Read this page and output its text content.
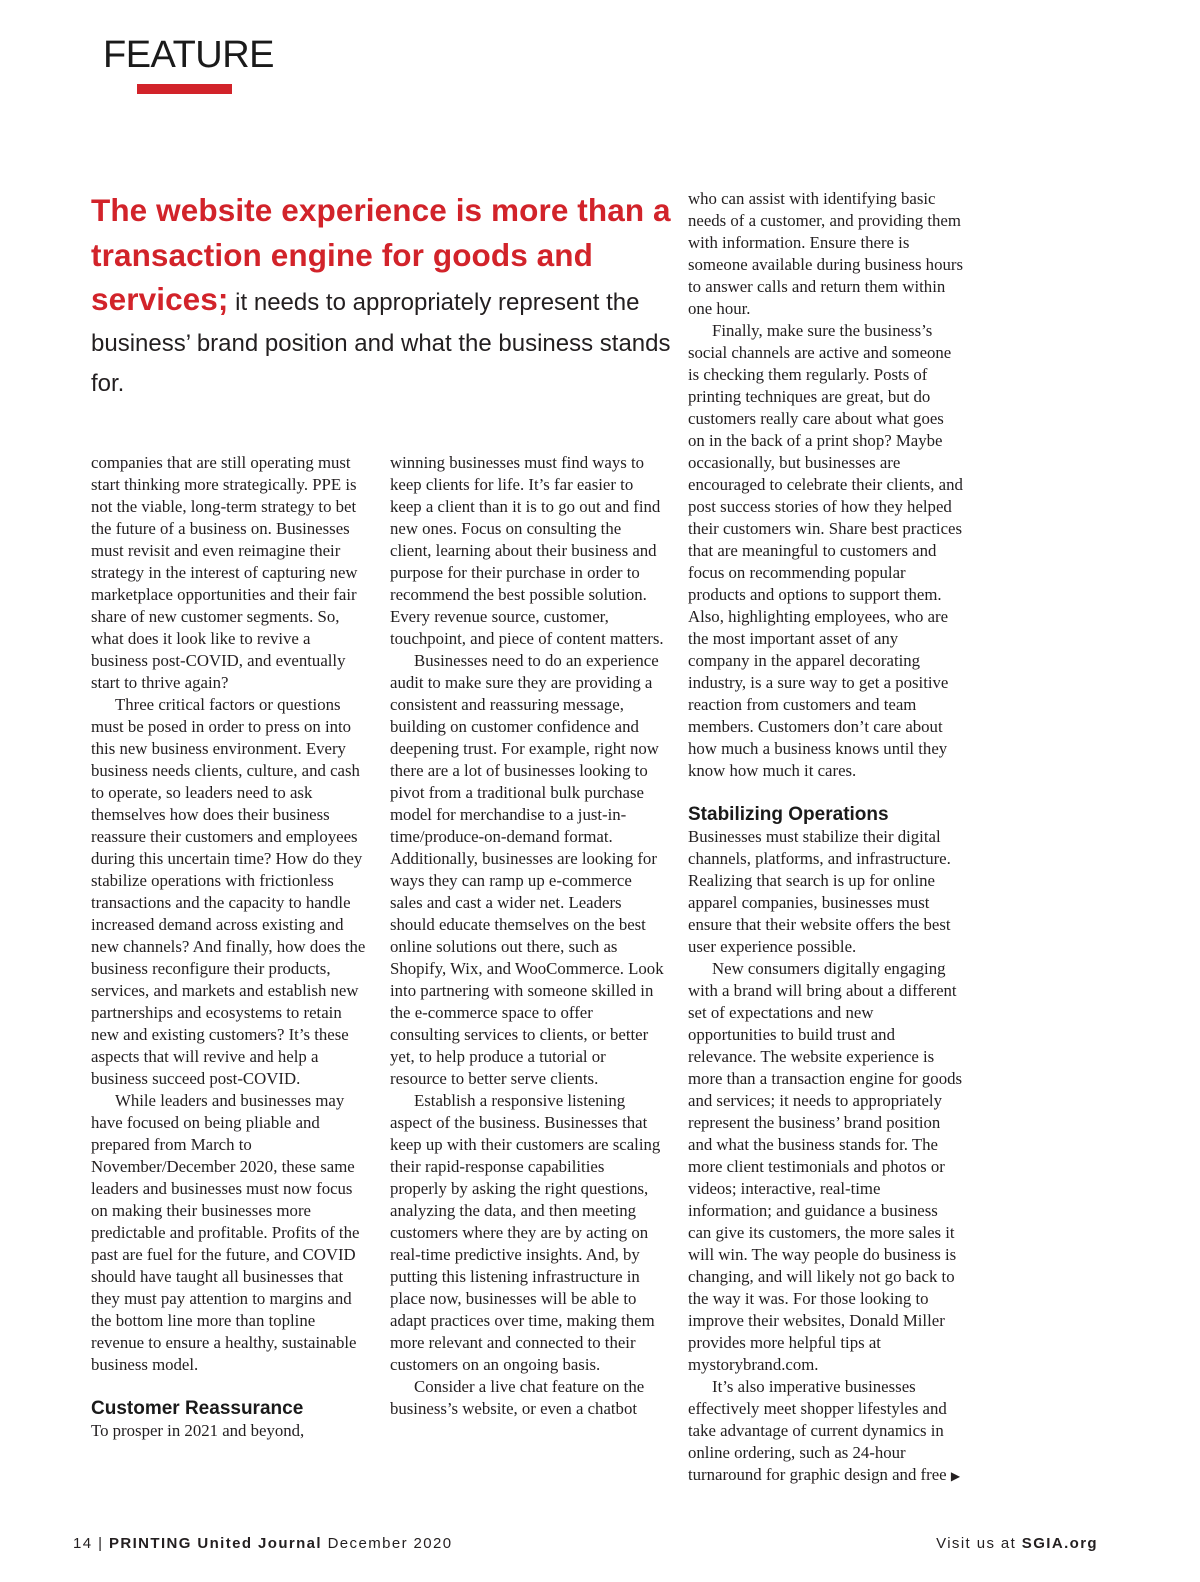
FEATURE
The website experience is more than a transaction engine for goods and services; it needs to appropriately represent the business’ brand position and what the business stands for.

companies that are still operating must start thinking more strategically. PPE is not the viable, long-term strategy to bet the future of a business on. Businesses must revisit and even reimagine their strategy in the interest of capturing new marketplace opportunities and their fair share of new customer segments. So, what does it look like to revive a business post-COVID, and eventually start to thrive again?

Three critical factors or questions must be posed in order to press on into this new business environment. Every business needs clients, culture, and cash to operate, so leaders need to ask themselves how does their business reassure their customers and employees during this uncertain time? How do they stabilize operations with frictionless transactions and the capacity to handle increased demand across existing and new channels? And finally, how does the business reconfigure their products, services, and markets and establish new partnerships and ecosystems to retain new and existing customers? It’s these aspects that will revive and help a business succeed post-COVID.

While leaders and businesses may have focused on being pliable and prepared from March to November/December 2020, these same leaders and businesses must now focus on making their businesses more predictable and profitable. Profits of the past are fuel for the future, and COVID should have taught all businesses that they must pay attention to margins and the bottom line more than topline revenue to ensure a healthy, sustainable business model.

Customer Reassurance

To prosper in 2021 and beyond,

winning businesses must find ways to keep clients for life. It’s far easier to keep a client than it is to go out and find new ones. Focus on consulting the client, learning about their business and purpose for their purchase in order to recommend the best possible solution. Every revenue source, customer, touchpoint, and piece of content matters.

Businesses need to do an experience audit to make sure they are providing a consistent and reassuring message, building on customer confidence and deepening trust. For example, right now there are a lot of businesses looking to pivot from a traditional bulk purchase model for merchandise to a just-in-time/produce-on-demand format. Additionally, businesses are looking for ways they can ramp up e-commerce sales and cast a wider net. Leaders should educate themselves on the best online solutions out there, such as Shopify, Wix, and WooCommerce. Look into partnering with someone skilled in the e-commerce space to offer consulting services to clients, or better yet, to help produce a tutorial or resource to better serve clients.

Establish a responsive listening aspect of the business. Businesses that keep up with their customers are scaling their rapid-response capabilities properly by asking the right questions, analyzing the data, and then meeting customers where they are by acting on real-time predictive insights. And, by putting this listening infrastructure in place now, businesses will be able to adapt practices over time, making them more relevant and connected to their customers on an ongoing basis.

Consider a live chat feature on the business’s website, or even a chatbot

who can assist with identifying basic needs of a customer, and providing them with information. Ensure there is someone available during business hours to answer calls and return them within one hour.

Finally, make sure the business’s social channels are active and someone is checking them regularly. Posts of printing techniques are great, but do customers really care about what goes on in the back of a print shop? Maybe occasionally, but businesses are encouraged to celebrate their clients, and post success stories of how they helped their customers win. Share best practices that are meaningful to customers and focus on recommending popular products and options to support them. Also, highlighting employees, who are the most important asset of any company in the apparel decorating industry, is a sure way to get a positive reaction from customers and team members. Customers don’t care about how much a business knows until they know how much it cares.

Stabilizing Operations

Businesses must stabilize their digital channels, platforms, and infrastructure. Realizing that search is up for online apparel companies, businesses must ensure that their website offers the best user experience possible.

New consumers digitally engaging with a brand will bring about a different set of expectations and new opportunities to build trust and relevance. The website experience is more than a transaction engine for goods and services; it needs to appropriately represent the business’ brand position and what the business stands for. The more client testimonials and photos or videos; interactive, real-time information; and guidance a business can give its customers, the more sales it will win. The way people do business is changing, and will likely not go back to the way it was. For those looking to improve their websites, Donald Miller provides more helpful tips at mystorybrand.com.

It’s also imperative businesses effectively meet shopper lifestyles and take advantage of current dynamics in online ordering, such as 24-hour turnaround for graphic design and free ▶

14 | PRINTING United Journal December 2020	Visit us at SGIA.org
